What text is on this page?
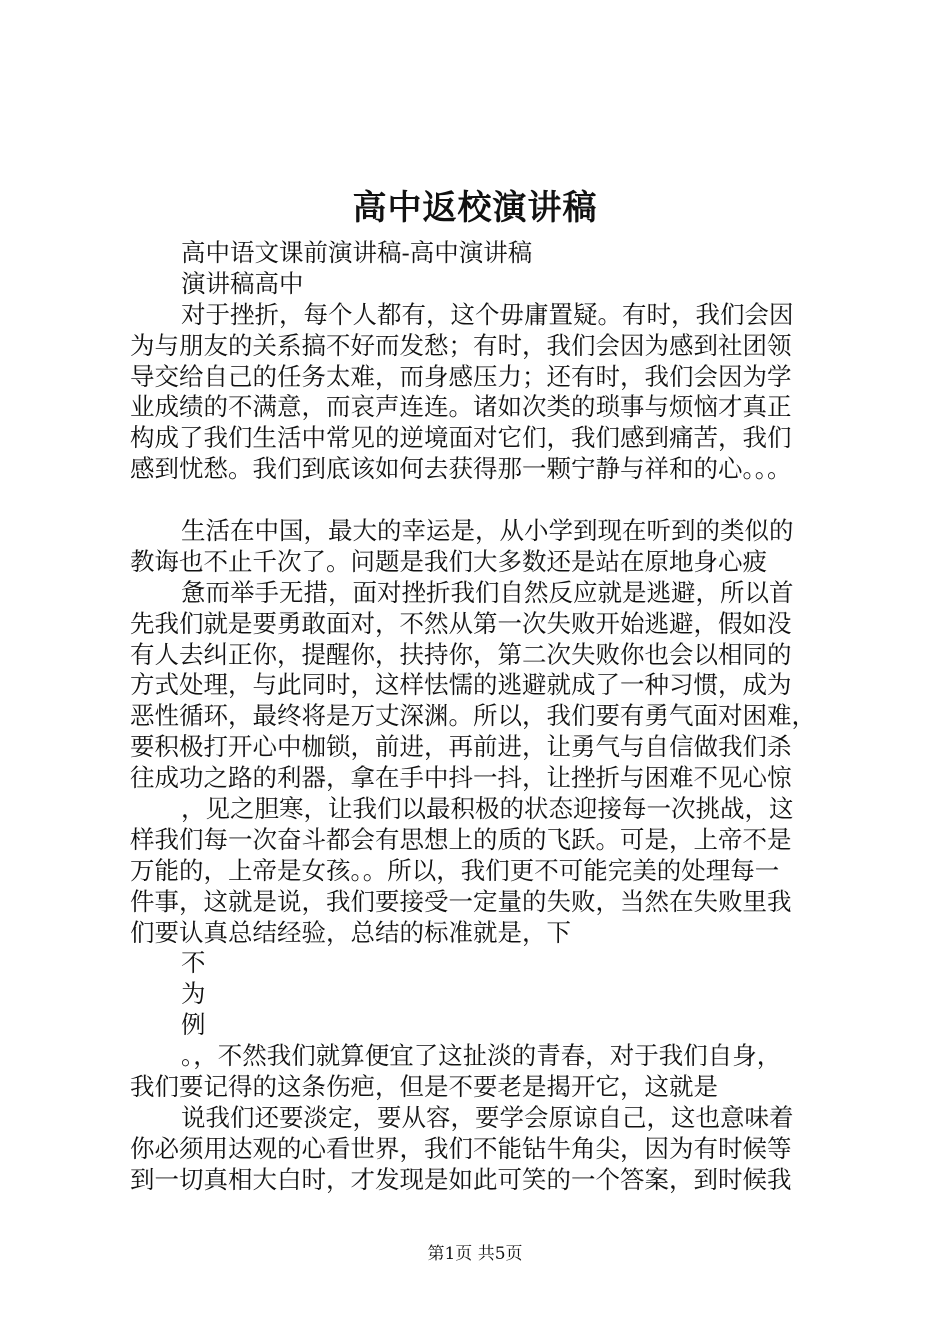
高中返校演讲稿
高中语文课前演讲稿-高中演讲稿
演讲稿高中
对于挫折，每个人都有，这个毋庸置疑。有时，我们会因
为与朋友的关系搞不好而发愁；有时，我们会因为感到社团领
导交给自己的任务太难，而身感压力；还有时，我们会因为学
业成绩的不满意，而哀声连连。诸如次类的琐事与烦恼才真正
构成了我们生活中常见的逆境面对它们，我们感到痛苦，我们
感到忧愁。我们到底该如何去获得那一颗宁静与祥和的心。。。
生活在中国，最大的幸运是，从小学到现在听到的类似的
教诲也不止千次了。问题是我们大多数还是站在原地身心疲
惫而举手无措，面对挫折我们自然反应就是逃避，所以首
先我们就是要勇敢面对，不然从第一次失败开始逃避，假如没
有人去纠正你，提醒你，扶持你，第二次失败你也会以相同的
方式处理，与此同时，这样怯懦的逃避就成了一种习惯，成为
恶性循环，最终将是万丈深渊。所以，我们要有勇气面对困难，
要积极打开心中枷锁，前进，再前进，让勇气与自信做我们杀
往成功之路的利器，拿在手中抖一抖，让挫折与困难不见心惊
，见之胆寒，让我们以最积极的状态迎接每一次挑战，这
样我们每一次奋斗都会有思想上的质的飞跃。可是，上帝不是
万能的，上帝是女孩。。所以，我们更不可能完美的处理每一
件事，这就是说，我们要接受一定量的失败，当然在失败里我
们要认真总结经验，总结的标准就是，下
不
为
例
。，不然我们就算便宜了这扯淡的青春，对于我们自身，
我们要记得的这条伤疤，但是不要老是揭开它，这就是
说我们还要淡定，要从容，要学会原谅自己，这也意味着
你必须用达观的心看世界，我们不能钻牛角尖，因为有时候等
到一切真相大白时，才发现是如此可笑的一个答案，到时候我
第1页 共5页
